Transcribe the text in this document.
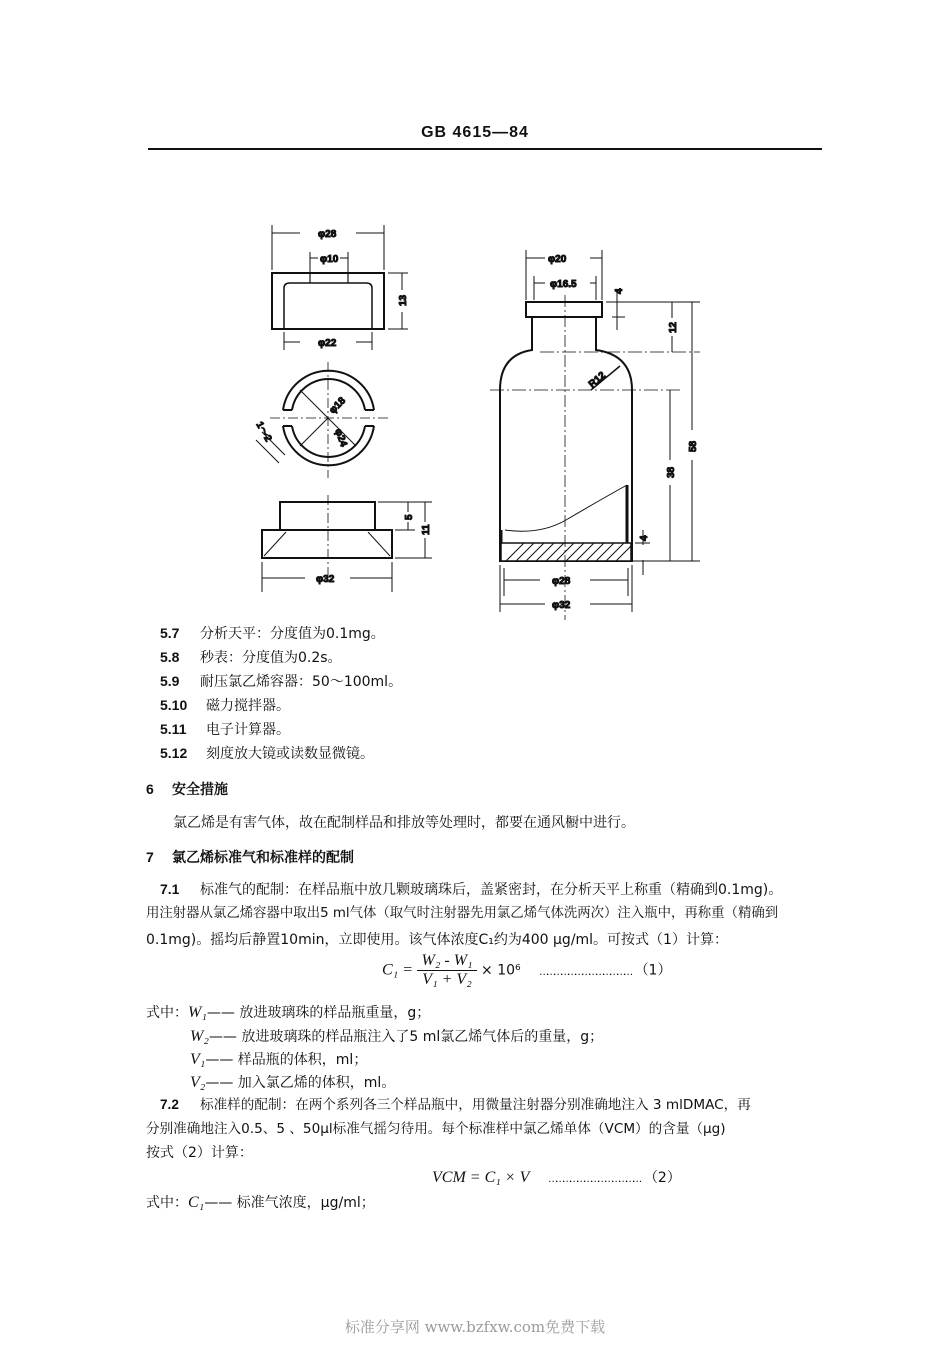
GB 4615—84
φ28
φ10
φ22
13
φ18
φ24
1～2
φ32
5
11
φ20
φ16.5
4
12
R12
38
58
4
φ28
φ32
5.7 分析天平：分度值为0.1mg。
5.8 秒表：分度值为0.2s。
5.9 耐压氯乙烯容器：50～100ml。
5.10 磁力搅拌器。
5.11 电子计算器。
5.12 刻度放大镜或读数显微镜。
6 安全措施
氯乙烯是有害气体，故在配制样品和排放等处理时，都要在通风橱中进行。
7 氯乙烯标准气和标准样的配制
7.1 标准气的配制：在样品瓶中放几颗玻璃珠后，盖紧密封，在分析天平上称重（精确到0.1mg)。
用注射器从氯乙烯容器中取出5 ml气体（取气时注射器先用氯乙烯气体洗两次）注入瓶中，再称重（精确到
0.1mg)。摇均后静置10min，立即使用。该气体浓度C₁约为400 μg/ml。可按式（1）计算：
$C_1 = \frac{\text{W₂ - W₁}}{\text{V₁ + V₂}} \times 10^6$ ………………………………… （1）
式中：W₁—— 放进玻璃珠的样品瓶重量，g；
W₂—— 放进玻璃珠的样品瓶注入了5 ml氯乙烯气体后的重量，g；
V₁—— 样品瓶的体积，ml；
V₂—— 加入氯乙烯的体积，ml。
7.2 标准样的配制：在两个系列各三个样品瓶中，用微量注射器分别准确地注入 3 mlDMAC，再
分别准确地注入0.5、5 、50μl标准气摇匀待用。每个标准样中氯乙烯单体（VCM）的含量（μg)
按式（2）计算：
VCM = C₁ × V ………………………………… （2）
式中：C₁—— 标准气浓度，μg/ml；
标准分享网 www.bzfxw.com免费下载
